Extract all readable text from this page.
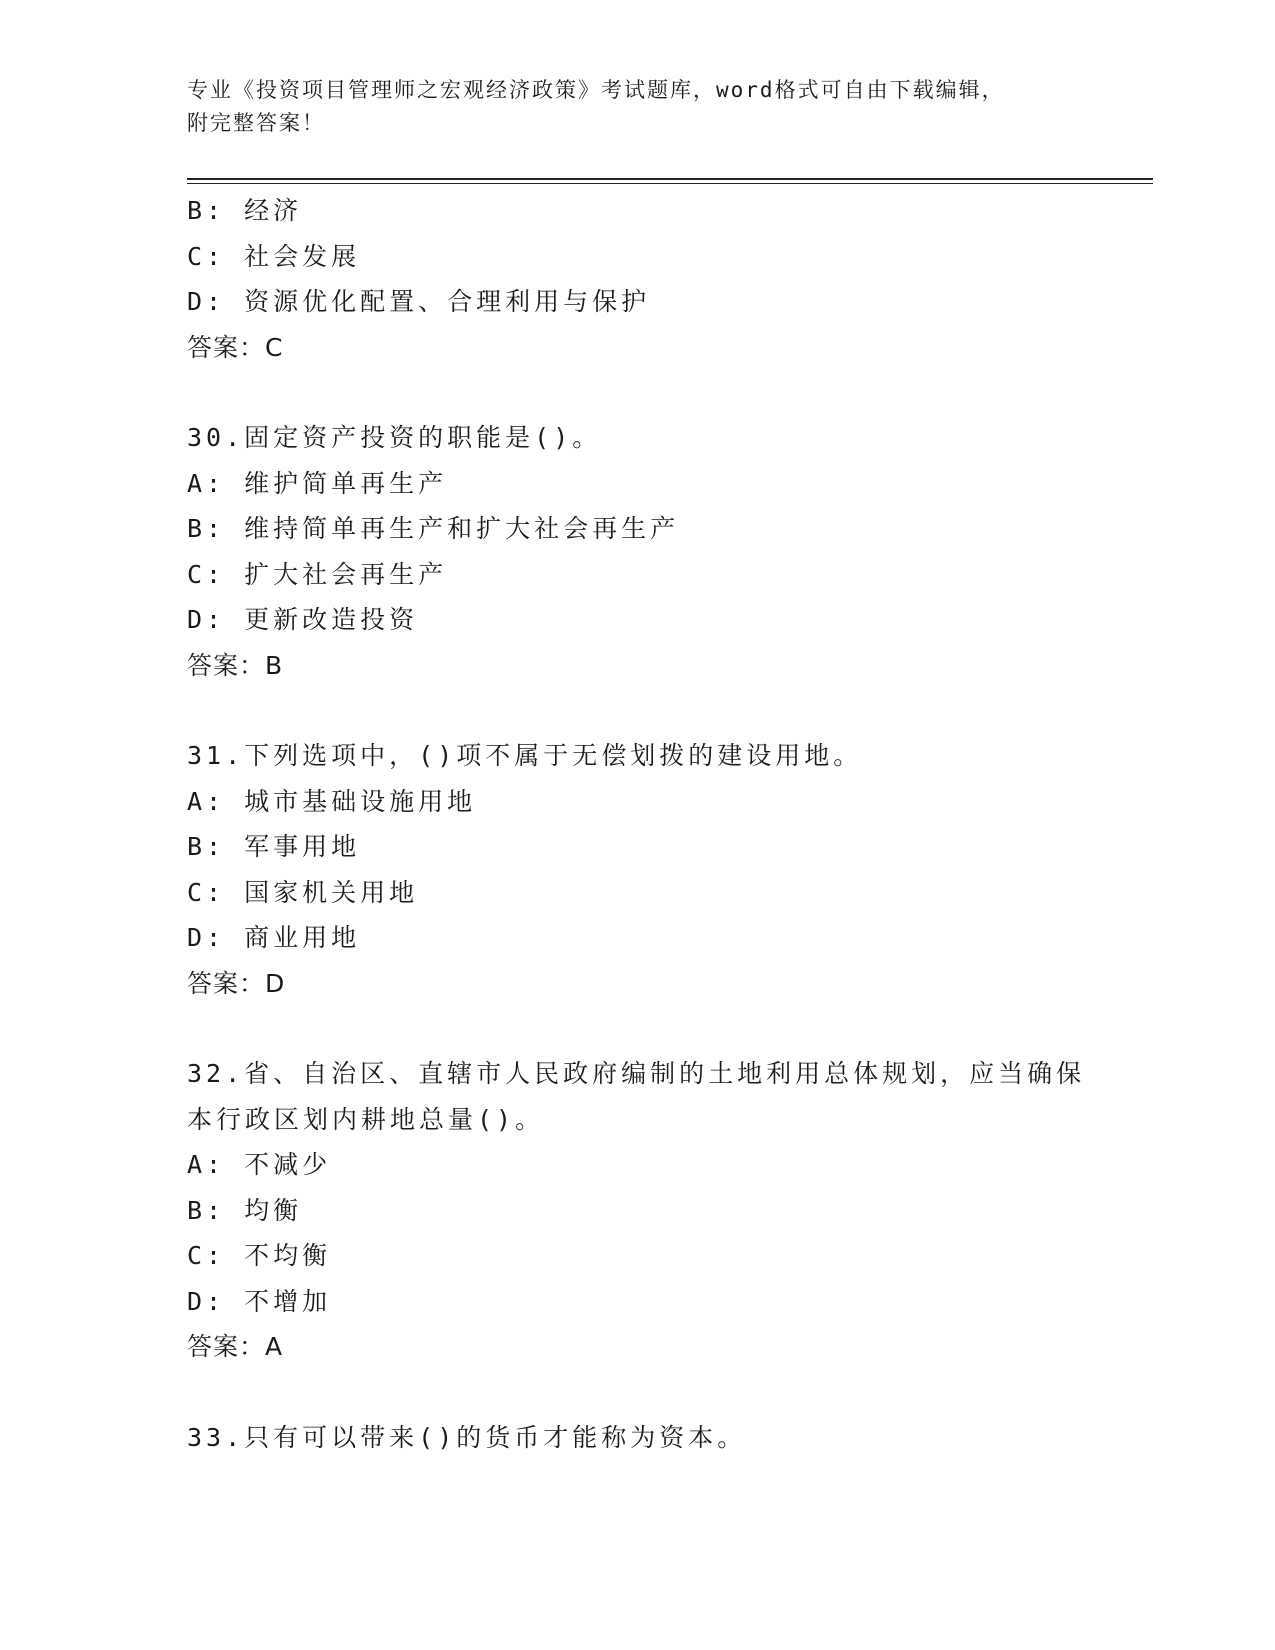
专业《投资项目管理师之宏观经济政策》考试题库，word格式可自由下载编辑，
附完整答案！
B: 经济
C: 社会发展
D: 资源优化配置、合理利用与保护
答案：C
30.固定资产投资的职能是()。
A: 维护简单再生产
B: 维持简单再生产和扩大社会再生产
C: 扩大社会再生产
D: 更新改造投资
答案：B
31.下列选项中，()项不属于无偿划拨的建设用地。
A: 城市基础设施用地
B: 军事用地
C: 国家机关用地
D: 商业用地
答案：D
32.省、自治区、直辖市人民政府编制的土地利用总体规划，应当确保
本行政区划内耕地总量()。
A: 不减少
B: 均衡
C: 不均衡
D: 不增加
答案：A
33.只有可以带来()的货币才能称为资本。
